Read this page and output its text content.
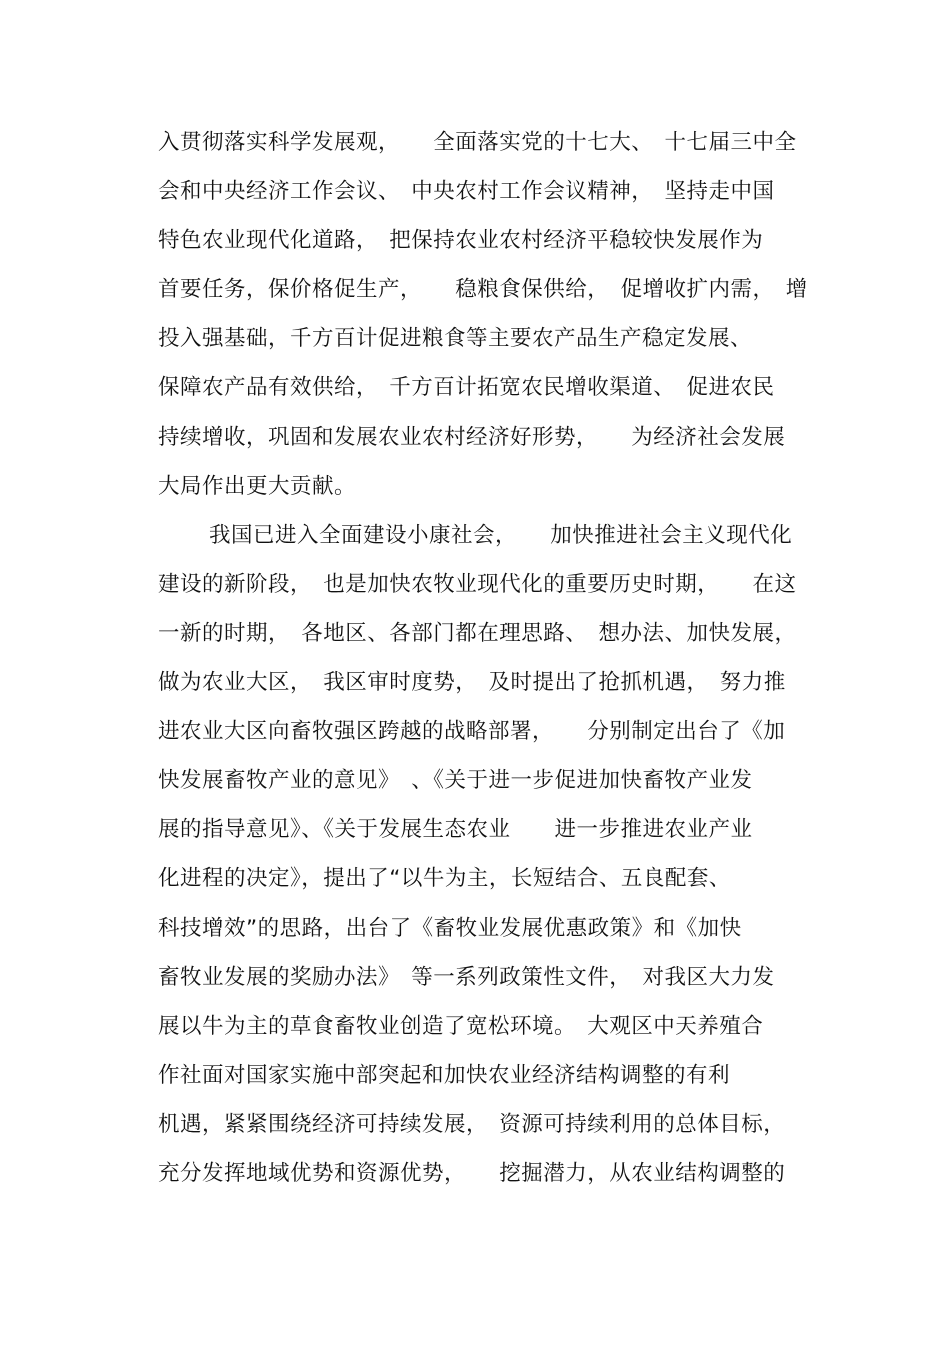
入贯彻落实科学发展观，　　全面落实党的十七大、　十七届三中全
会和中央经济工作会议、　中央农村工作会议精神，　坚持走中国
特色农业现代化道路，　把保持农业农村经济平稳较快发展作为
首要任务，保价格促生产，　　稳粮食保供给，　促增收扩内需，　增
投入强基础，千方百计促进粮食等主要农产品生产稳定发展、
保障农产品有效供给，　千方百计拓宽农民增收渠道、　促进农民
持续增收，巩固和发展农业农村经济好形势，　　为经济社会发展
大局作出更大贡献。
我国已进入全面建设小康社会，　　加快推进社会主义现代化
建设的新阶段，　也是加快农牧业现代化的重要历史时期，　　在这
一新的时期，　各地区、各部门都在理思路、　想办法、加快发展，
做为农业大区，　我区审时度势，　及时提出了抢抓机遇，　努力推
进农业大区向畜牧强区跨越的战略部署，　　分别制定出台了《加
快发展畜牧产业的意见》　、《关于进一步促进加快畜牧产业发
展的指导意见》、《关于发展生态农业　　进一步推进农业产业
化进程的决定》，提出了“以牛为主，长短结合、五良配套、
科技增效”的思路，出台了《畜牧业发展优惠政策》和《加快
畜牧业发展的奖励办法》　等一系列政策性文件，　对我区大力发
展以牛为主的草食畜牧业创造了宽松环境。　大观区中天养殖合
作社面对国家实施中部突起和加快农业经济结构调整的有利
机遇，紧紧围绕经济可持续发展，　资源可持续利用的总体目标，
充分发挥地域优势和资源优势，　　挖掘潜力，从农业结构调整的
